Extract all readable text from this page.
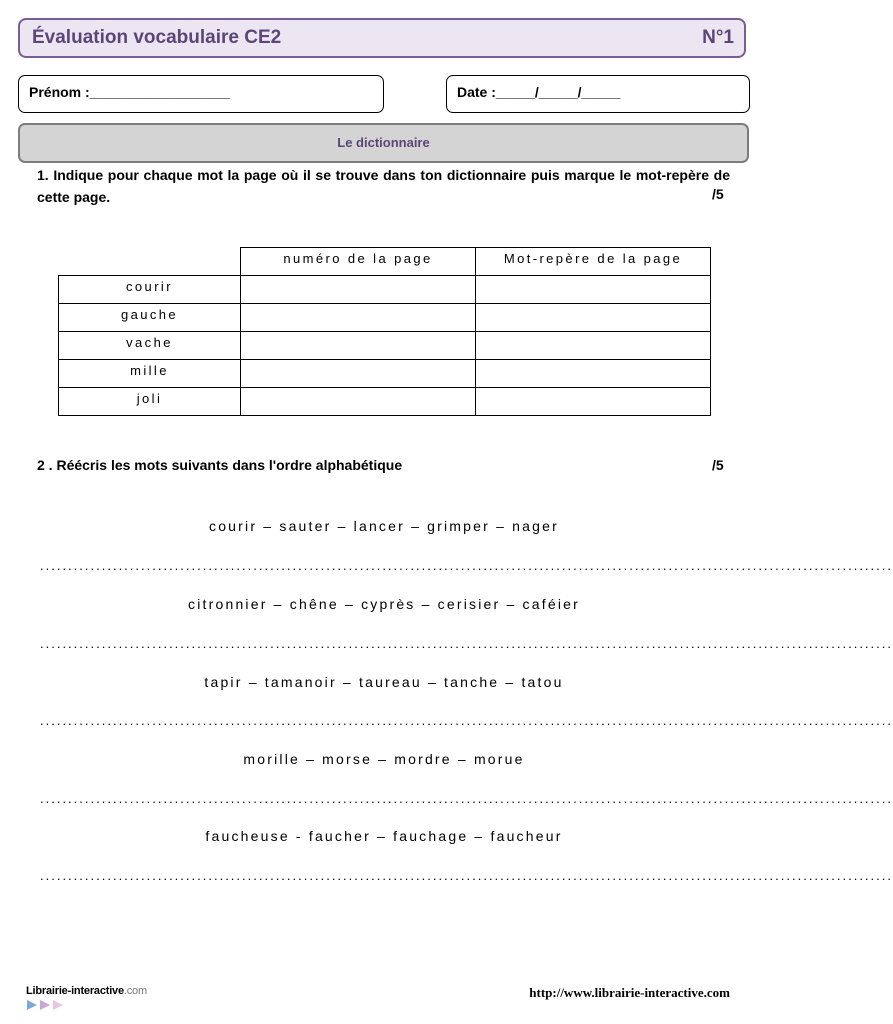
Évaluation vocabulaire CE2	N°1
Prénom :__________________	Date :_____/_____/_____
Le dictionnaire
1. Indique pour chaque mot la page où il se trouve dans ton dictionnaire puis marque le mot-repère de cette page.	/5
	numéro de la page	Mot-repère de la page
courir		
gauche		
vache		
mille		
joli		
2 . Réécris les mots suivants dans l'ordre alphabétique	/5
courir – sauter – lancer – grimper – nager
........................................................................................................................................................
citronnier – chêne – cyprès – cerisier – caféier
........................................................................................................................................................
tapir – tamanoir – taureau – tanche – tatou
........................................................................................................................................................
morille – morse – mordre – morue
........................................................................................................................................................
faucheuse - faucher – fauchage – faucheur
........................................................................................................................................................
Librairie-interactive.com	http://www.librairie-interactive.com
